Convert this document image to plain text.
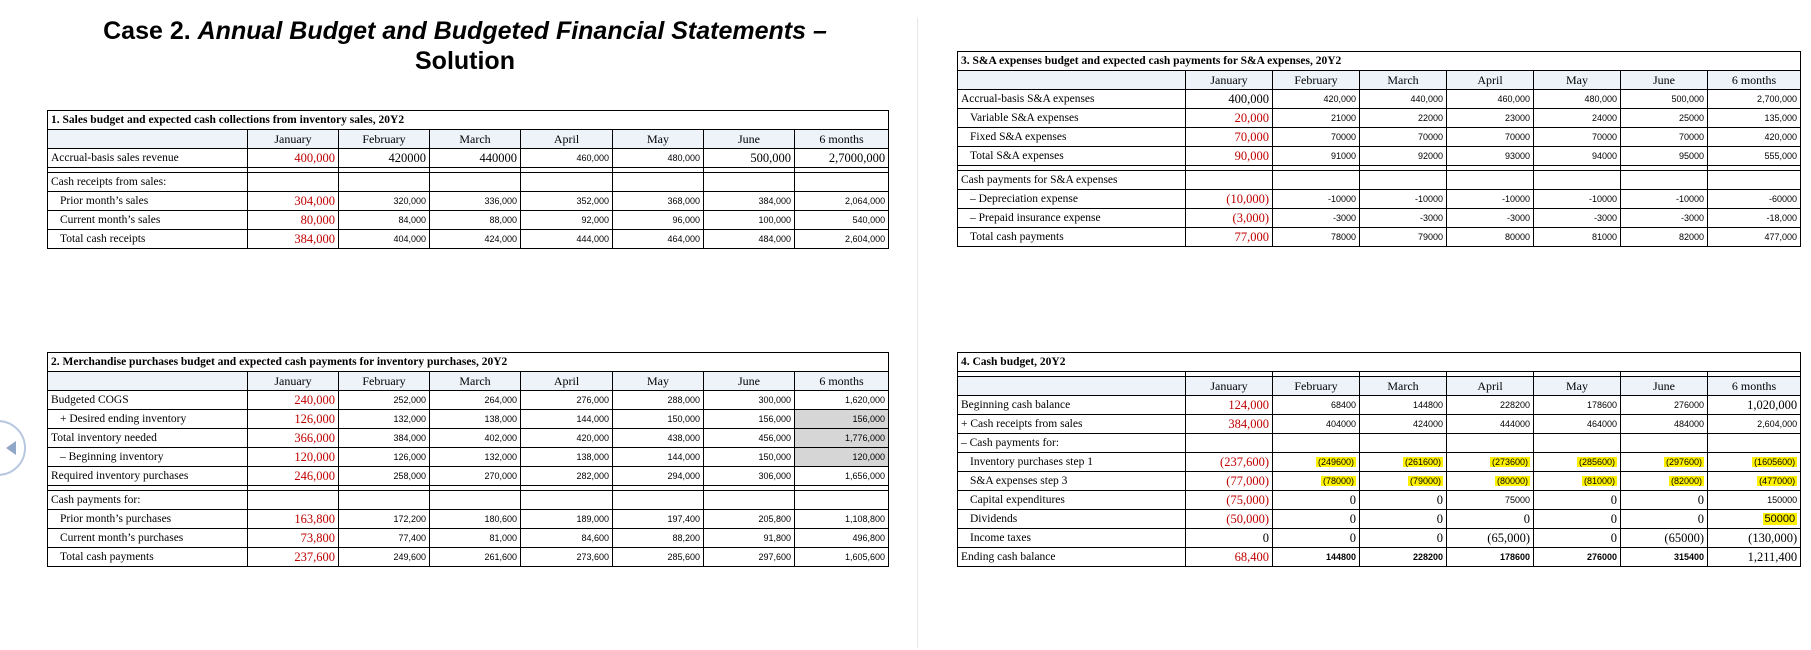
Case 2. Annual Budget and Budgeted Financial Statements –
Solution
1. Sales budget and expected cash collections from inventory sales, 20Y2							
	January	February	March	April	May	June	6 months
Accrual-basis sales revenue	400,000	420000	440000	460,000	480,000	500,000	2,7000,000

Cash receipts from sales:							
Prior month’s sales	304,000	320,000	336,000	352,000	368,000	384,000	2,064,000
Current month’s sales	80,000	84,000	88,000	92,000	96,000	100,000	540,000
Total cash receipts	384,000	404,000	424,000	444,000	464,000	484,000	2,604,000
2. Merchandise purchases budget and expected cash payments for inventory purchases, 20Y2							
	January	February	March	April	May	June	6 months
Budgeted COGS	240,000	252,000	264,000	276,000	288,000	300,000	1,620,000
+ Desired ending inventory	126,000	132,000	138,000	144,000	150,000	156,000	156,000
Total inventory needed	366,000	384,000	402,000	420,000	438,000	456,000	1,776,000
– Beginning inventory	120,000	126,000	132,000	138,000	144,000	150,000	120,000
Required inventory purchases	246,000	258,000	270,000	282,000	294,000	306,000	1,656,000

Cash payments for:							
Prior month’s purchases	163,800	172,200	180,600	189,000	197,400	205,800	1,108,800
Current month’s purchases	73,800	77,400	81,000	84,600	88,200	91,800	496,800
Total cash payments	237,600	249,600	261,600	273,600	285,600	297,600	1,605,600
3. S&A expenses budget and expected cash payments for S&A expenses, 20Y2							
	January	February	March	April	May	June	6 months
Accrual-basis S&A expenses	400,000	420,000	440,000	460,000	480,000	500,000	2,700,000
Variable S&A expenses	20,000	21000	22000	23000	24000	25000	135,000
Fixed S&A expenses	70,000	70000	70000	70000	70000	70000	420,000
Total S&A expenses	90,000	91000	92000	93000	94000	95000	555,000

Cash payments for S&A expenses							
– Depreciation expense	(10,000)	-10000	-10000	-10000	-10000	-10000	-60000
– Prepaid insurance expense	(3,000)	-3000	-3000	-3000	-3000	-3000	-18,000
Total cash payments	77,000	78000	79000	80000	81000	82000	477,000
4. Cash budget, 20Y2							

	January	February	March	April	May	June	6 months
Beginning cash balance	124,000	68400	144800	228200	178600	276000	1,020,000
+ Cash receipts from sales	384,000	404000	424000	444000	464000	484000	2,604,000
– Cash payments for:							
Inventory purchases step 1	(237,600)	(249600)	(261600)	(273600)	(285600)	(297600)	(1605600)
S&A expenses step 3	(77,000)	(78000)	(79000)	(80000)	(81000)	(82000)	(477000)
Capital expenditures	(75,000)	0	0	75000	0	0	150000
Dividends	(50,000)	0	0	0	0	0	50000
Income taxes	0	0	0	(65,000)	0	(65000)	(130,000)
Ending cash balance	68,400	144800	228200	178600	276000	315400	1,211,400
